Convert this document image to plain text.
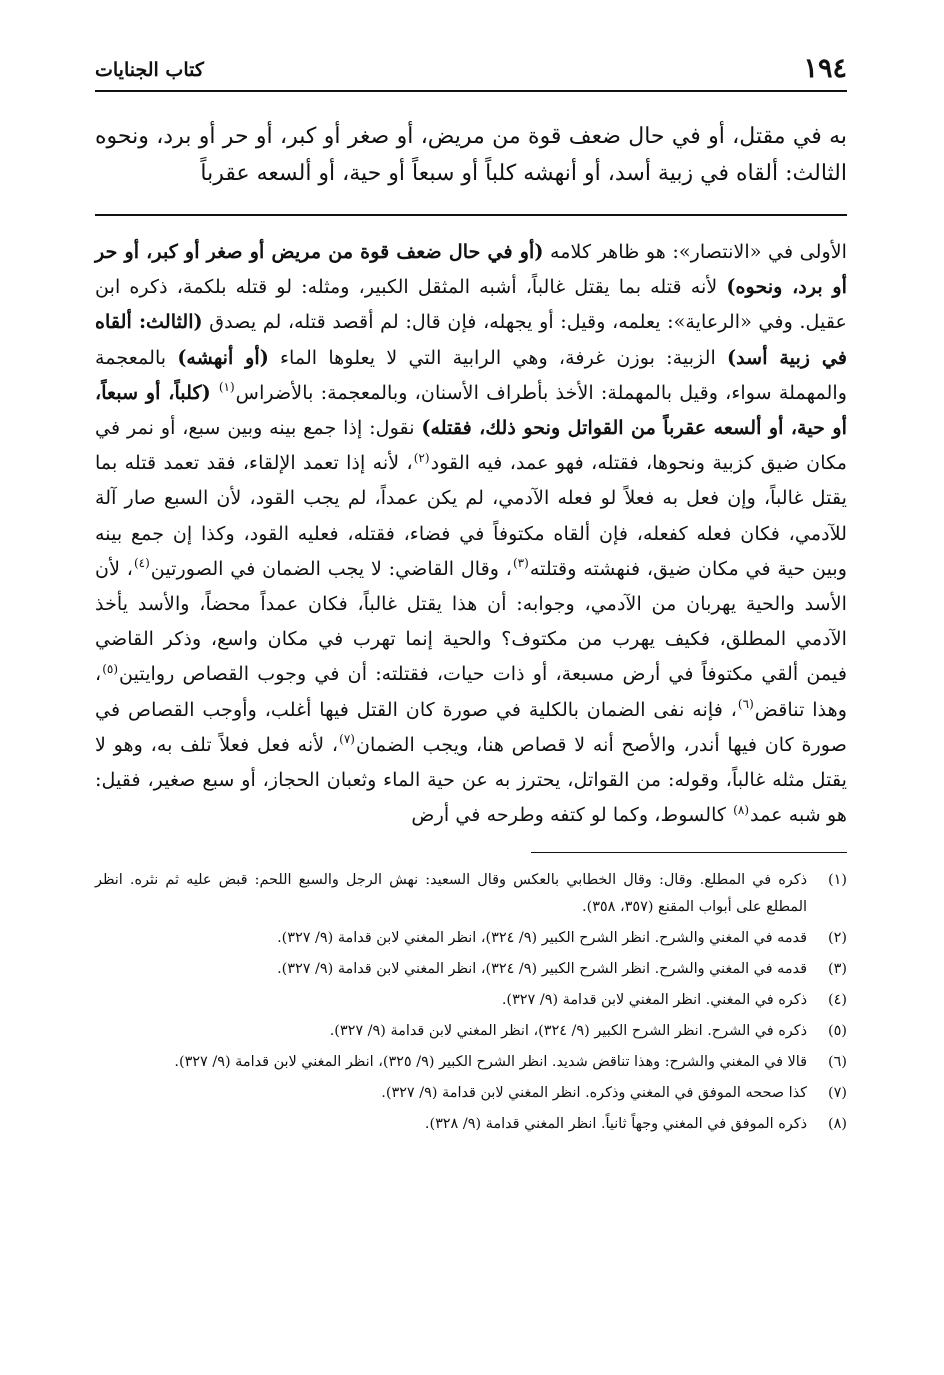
١٩٤
كتاب الجنايات

به في مقتل، أو في حال ضعف قوة من مريض، أو صغر أو كبر، أو حر أو برد، ونحوه الثالث: ألقاه في زبية أسد، أو أنهشه كلباً أو سبعاً أو حية، أو ألسعه عقرباً

الأولى في «الانتصار»: هو ظاهر كلامه (أو في حال ضعف قوة من مريض أو صغر أو كبر، أو حر أو برد، ونحوه) لأنه قتله بما يقتل غالباً، أشبه المثقل الكبير، ومثله: لو قتله بلكمة، ذكره ابن عقيل. وفي «الرعاية»: يعلمه، وقيل: أو يجهله، فإن قال: لم أقصد قتله، لم يصدق (الثالث: ألقاه في زبية أسد) الزبية: بوزن غرفة، وهي الرابية التي لا يعلوها الماء (أو أنهشه) بالمعجمة والمهملة سواء، وقيل بالمهملة: الأخذ بأطراف الأسنان، وبالمعجمة: بالأضراس$^{(١)}$ (كلباً، أو سبعاً، أو حية، أو ألسعه عقرباً من القواتل ونحو ذلك، فقتله) نقول: إذا جمع بينه وبين سبع، أو نمر في مكان ضيق كزبية ونحوها، فقتله، فهو عمد، فيه القود$^{(٢)}$، لأنه إذا تعمد الإلقاء، فقد تعمد قتله بما يقتل غالباً، وإن فعل به فعلاً لو فعله الآدمي، لم يكن عمداً، لم يجب القود، لأن السبع صار آلة للآدمي، فكان فعله كفعله، فإن ألقاه مكتوفاً في فضاء، فقتله، فعليه القود، وكذا إن جمع بينه وبين حية في مكان ضيق، فنهشته وقتلته$^{(٣)}$، وقال القاضي: لا يجب الضمان في الصورتين$^{(٤)}$، لأن الأسد والحية يهربان من الآدمي، وجوابه: أن هذا يقتل غالباً، فكان عمداً محضاً، والأسد يأخذ الآدمي المطلق، فكيف يهرب من مكتوف؟ والحية إنما تهرب في مكان واسع، وذكر القاضي فيمن ألقي مكتوفاً في أرض مسبعة، أو ذات حيات، فقتلته: أن في وجوب القصاص روايتين$^{(٥)}$، وهذا تناقض$^{(٦)}$، فإنه نفى الضمان بالكلية في صورة كان القتل فيها أغلب، وأوجب القصاص في صورة كان فيها أندر، والأصح أنه لا قصاص هنا، ويجب الضمان$^{(٧)}$، لأنه فعل فعلاً تلف به، وهو لا يقتل مثله غالباً، وقوله: من القواتل، يحترز به عن حية الماء وثعبان الحجاز، أو سبع صغير، فقيل: هو شبه عمد$^{(٨)}$ كالسوط، وكما لو كتفه وطرحه في أرض

(١)
ذكره في المطلع. وقال: وقال الخطابي بالعكس وقال السعيد: نهش الرجل والسبع اللحم: قبض عليه ثم نثره. انظر المطلع على أبواب المقنع (٣٥٧، ٣٥٨).
(٢)
قدمه في المغني والشرح. انظر الشرح الكبير (٩/ ٣٢٤)، انظر المغني لابن قدامة (٩/ ٣٢٧).
(٣)
قدمه في المغني والشرح. انظر الشرح الكبير (٩/ ٣٢٤)، انظر المغني لابن قدامة (٩/ ٣٢٧).
(٤)
ذكره في المغني. انظر المغني لابن قدامة (٩/ ٣٢٧).
(٥)
ذكره في الشرح. انظر الشرح الكبير (٩/ ٣٢٤)، انظر المغني لابن قدامة (٩/ ٣٢٧).
(٦)
قالا في المغني والشرح: وهذا تناقض شديد. انظر الشرح الكبير (٩/ ٣٢٥)، انظر المغني لابن قدامة (٩/ ٣٢٧).
(٧)
كذا صححه الموفق في المغني وذكره. انظر المغني لابن قدامة (٩/ ٣٢٧).
(٨)
ذكره الموفق في المغني وجهاً ثانياً. انظر المغني قدامة (٩/ ٣٢٨).
